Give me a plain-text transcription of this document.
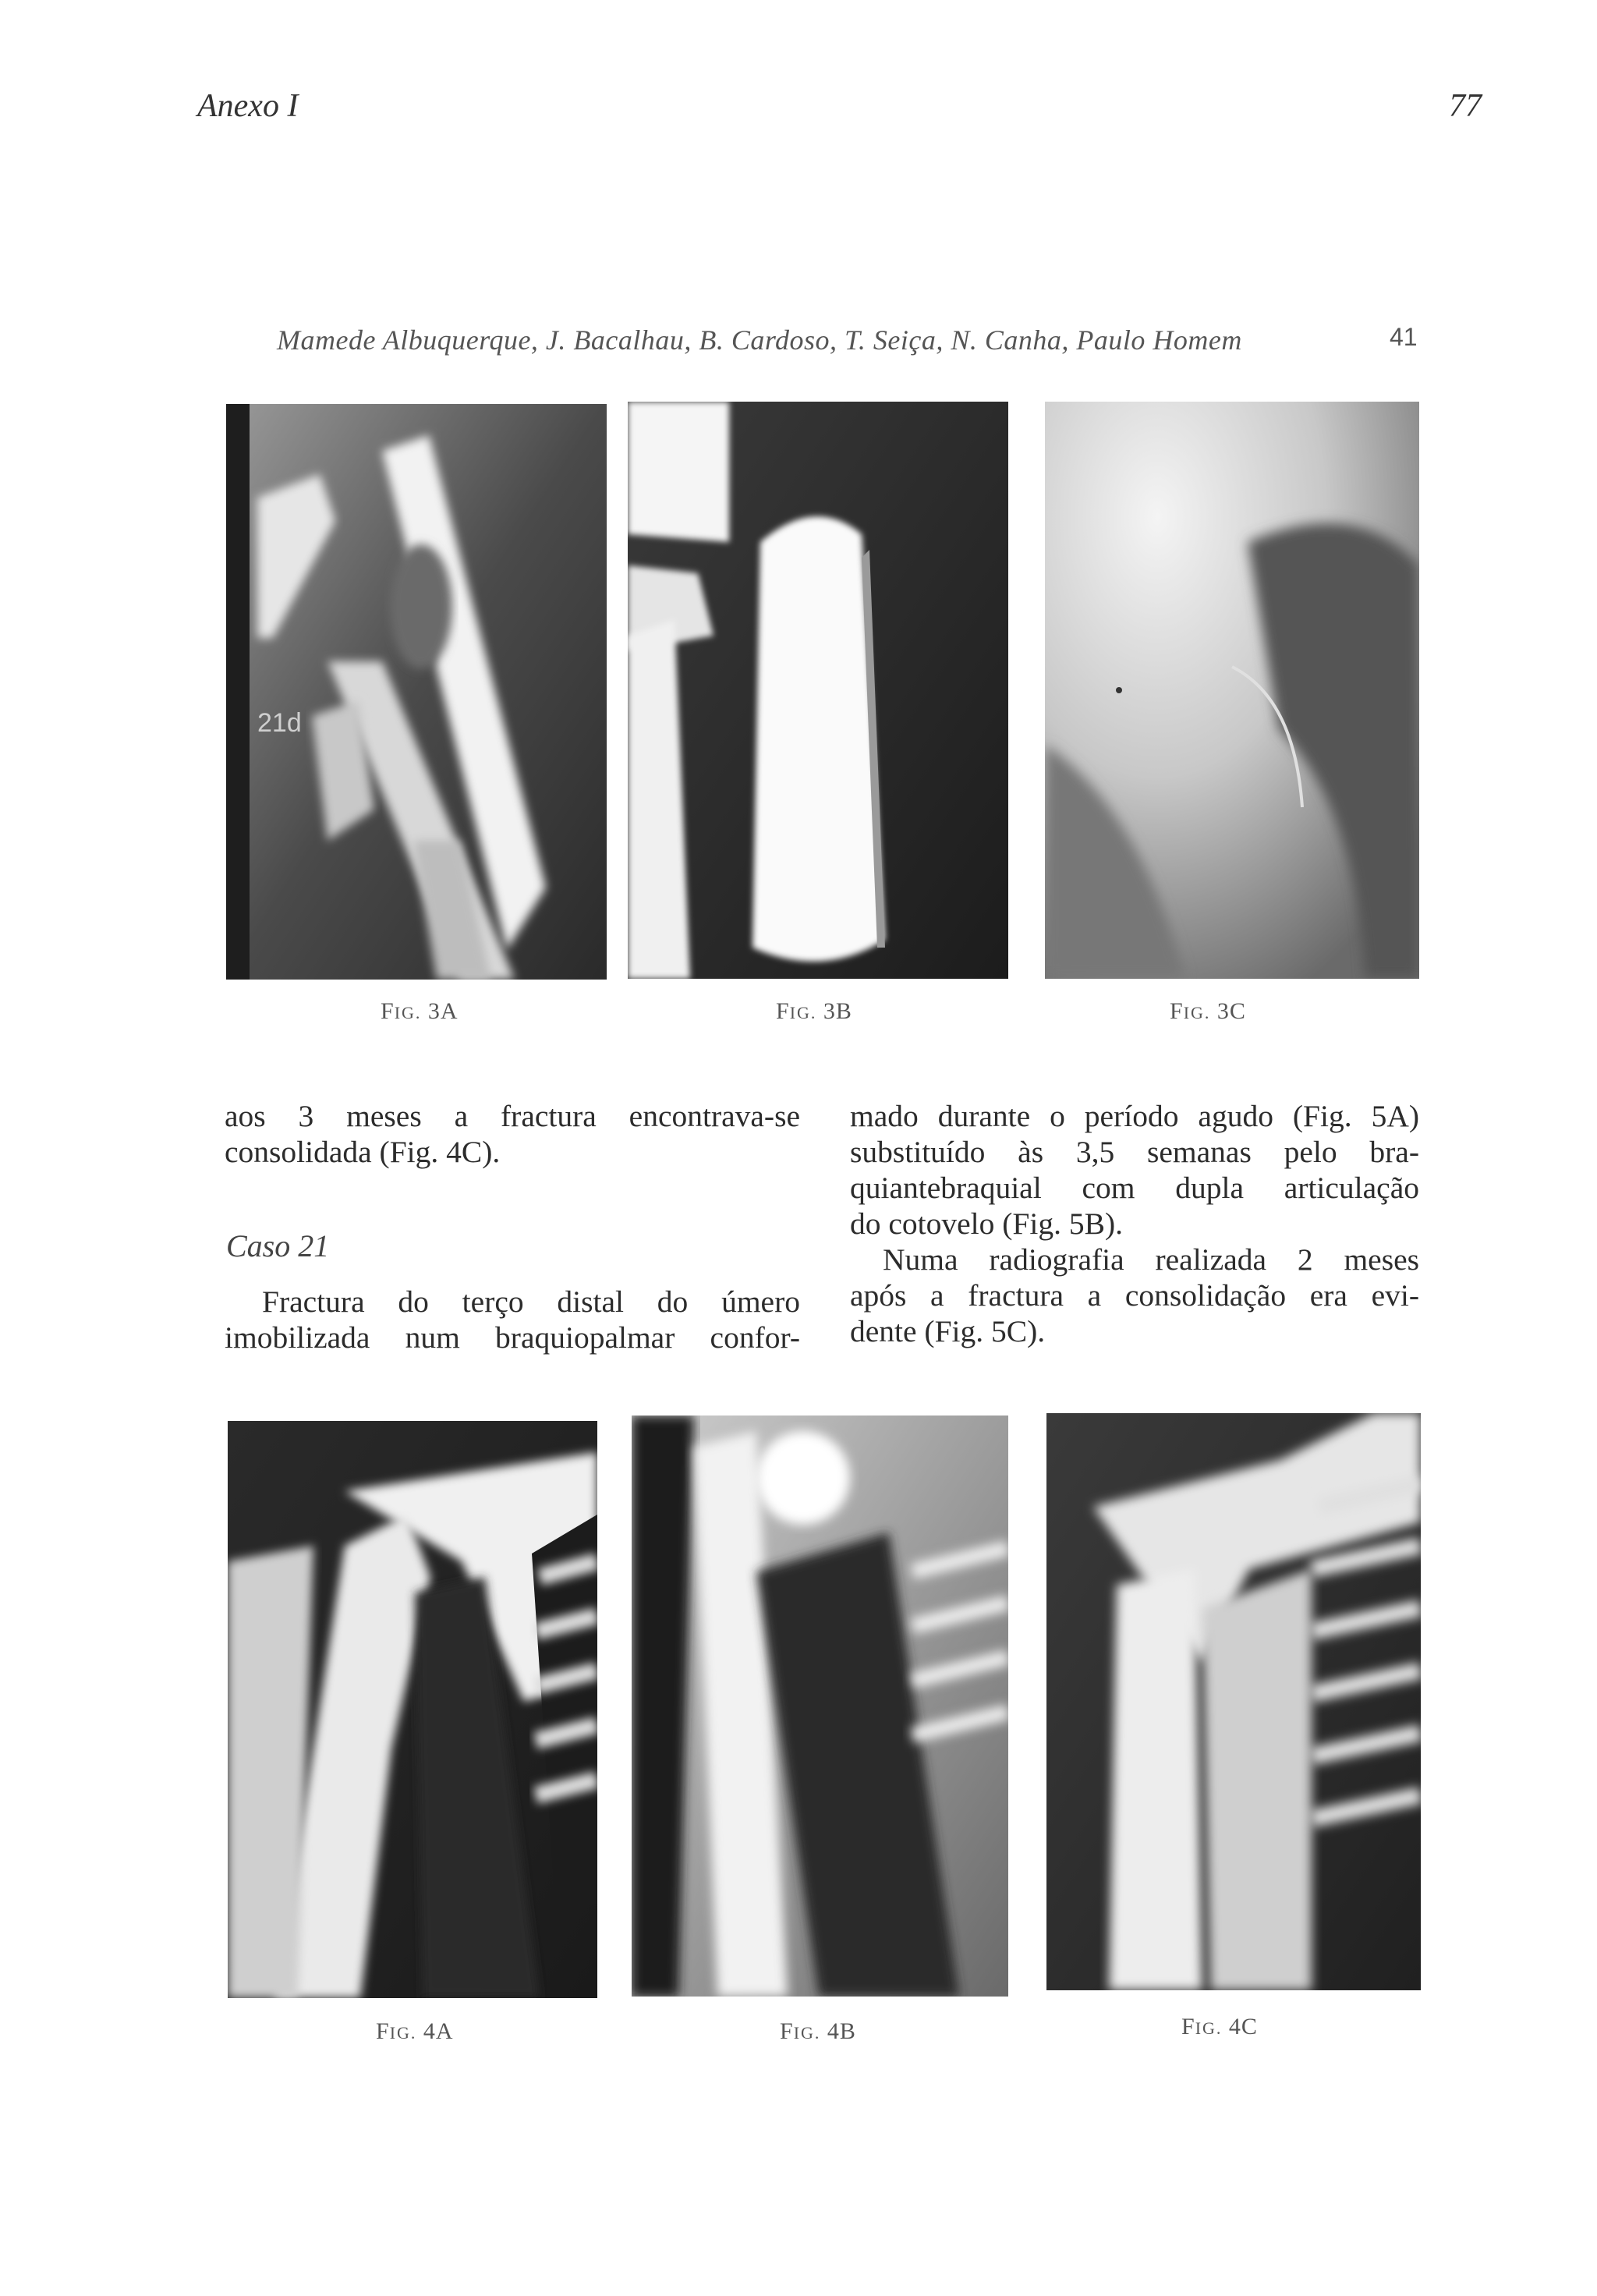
Anexo I	77
Mamede Albuquerque, J. Bacalhau, B. Cardoso, T. Seiça, N. Canha, Paulo Homem	41
21d
FIG. 3A	FIG. 3B	FIG. 3C
aos 3 meses a fractura encontrava-se
consolidada (Fig. 4C).
Caso 21
Fractura do terço distal do úmero
imobilizada num braquiopalmar confor-
mado durante o período agudo (Fig. 5A)
substituído às 3,5 semanas pelo bra-
quiantebraquial com dupla articulação
do cotovelo (Fig. 5B).
Numa radiografia realizada 2 meses
após a fractura a consolidação era evi-
dente (Fig. 5C).
FIG. 4A	FIG. 4B	FIG. 4C
